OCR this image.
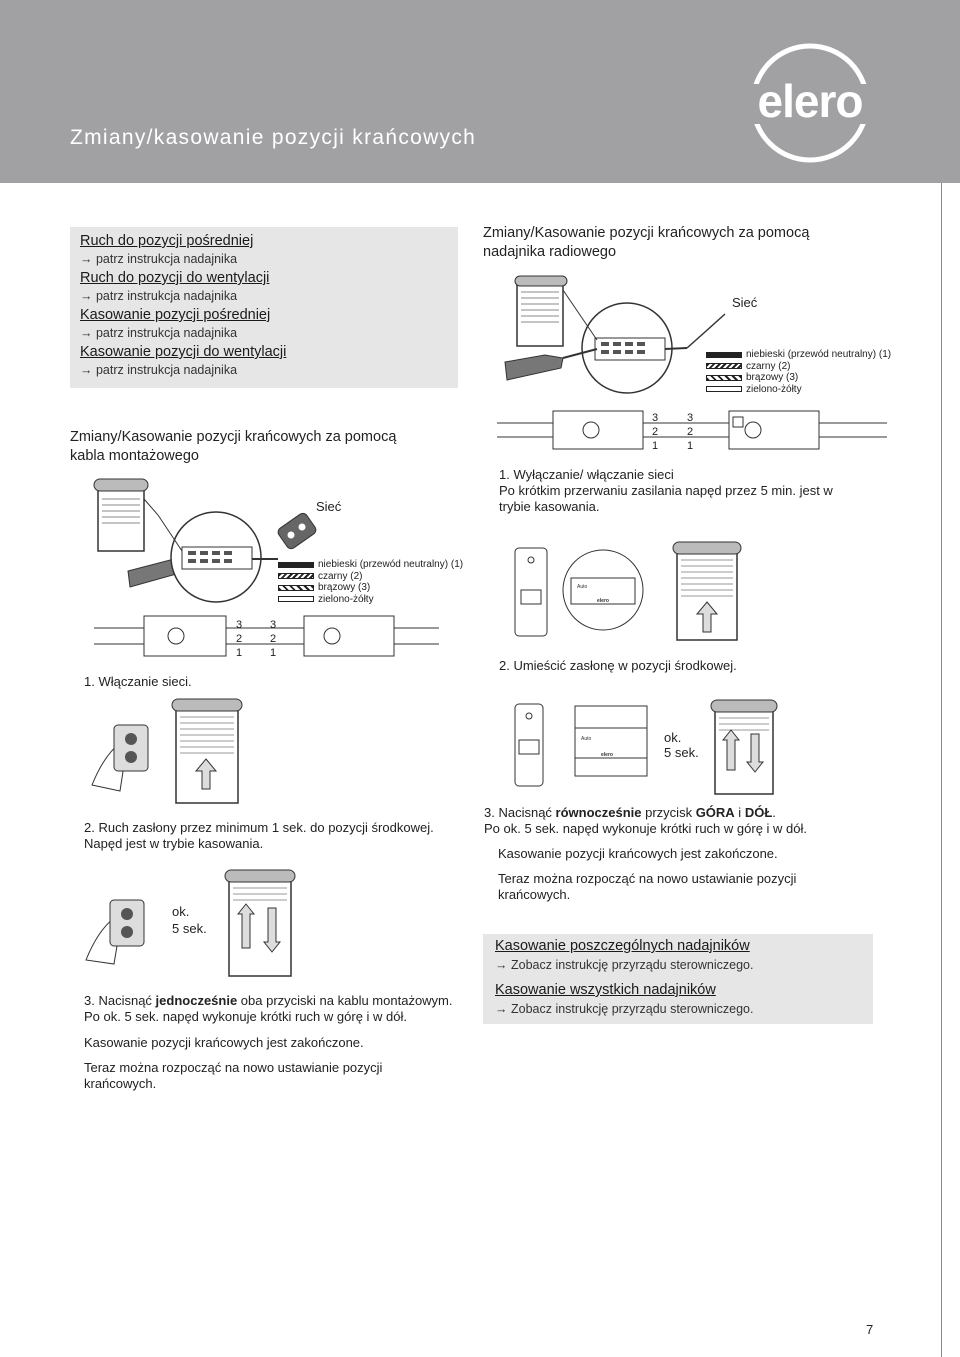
Zmiany/kasowanie pozycji krańcowych
elero
Ruch do pozycji pośredniej
→ patrz instrukcja nadajnika
Ruch do pozycji do wentylacji
→ patrz instrukcja nadajnika
Kasowanie pozycji pośredniej
→ patrz instrukcja nadajnika
Kasowanie pozycji do wentylacji
→ patrz instrukcja nadajnika
Zmiany/Kasowanie pozycji krańcowych za pomocą
nadajnika radiowego
Sieć
niebieski (przewód neutralny)
(1)
czarny
(2)
brązowy
(3)
zielono-żółty
3
2
1
3
2
1
1. Wyłączanie/ włączanie sieci
Po krótkim przerwaniu zasilania napęd przez 5 min. jest w
trybie kasowania.
Auto
elero
2. Umieścić zasłonę w pozycji środkowej.
Auto
elero
ok.
5 sek.
3. Nacisnąć równocześnie przycisk GÓRA i DÓŁ.
Po ok. 5 sek. napęd wykonuje krótki ruch w górę i w dół.
Kasowanie pozycji krańcowych jest zakończone.
Teraz można rozpocząć na nowo ustawianie pozycji
krańcowych.
Zmiany/Kasowanie pozycji krańcowych za pomocą
kabla montażowego
Sieć
niebieski (przewód neutralny)
(1)
czarny
(2)
brązowy
(3)
zielono-żółty
3
2
1
3
2
1
1. Włączanie sieci.
2. Ruch zasłony przez minimum 1 sek. do pozycji środkowej.
Napęd jest w trybie kasowania.
ok.
5 sek.
3. Nacisnąć jednocześnie oba przyciski na kablu montażowym.
Po ok. 5 sek. napęd wykonuje krótki ruch w górę i w dół.
Kasowanie pozycji krańcowych jest zakończone.
Teraz można rozpocząć na nowo ustawianie pozycji
krańcowych.
Kasowanie poszczególnych nadajników
→ Zobacz instrukcję przyrządu sterowniczego.
Kasowanie wszystkich nadajników
→ Zobacz instrukcję przyrządu sterowniczego.
7
